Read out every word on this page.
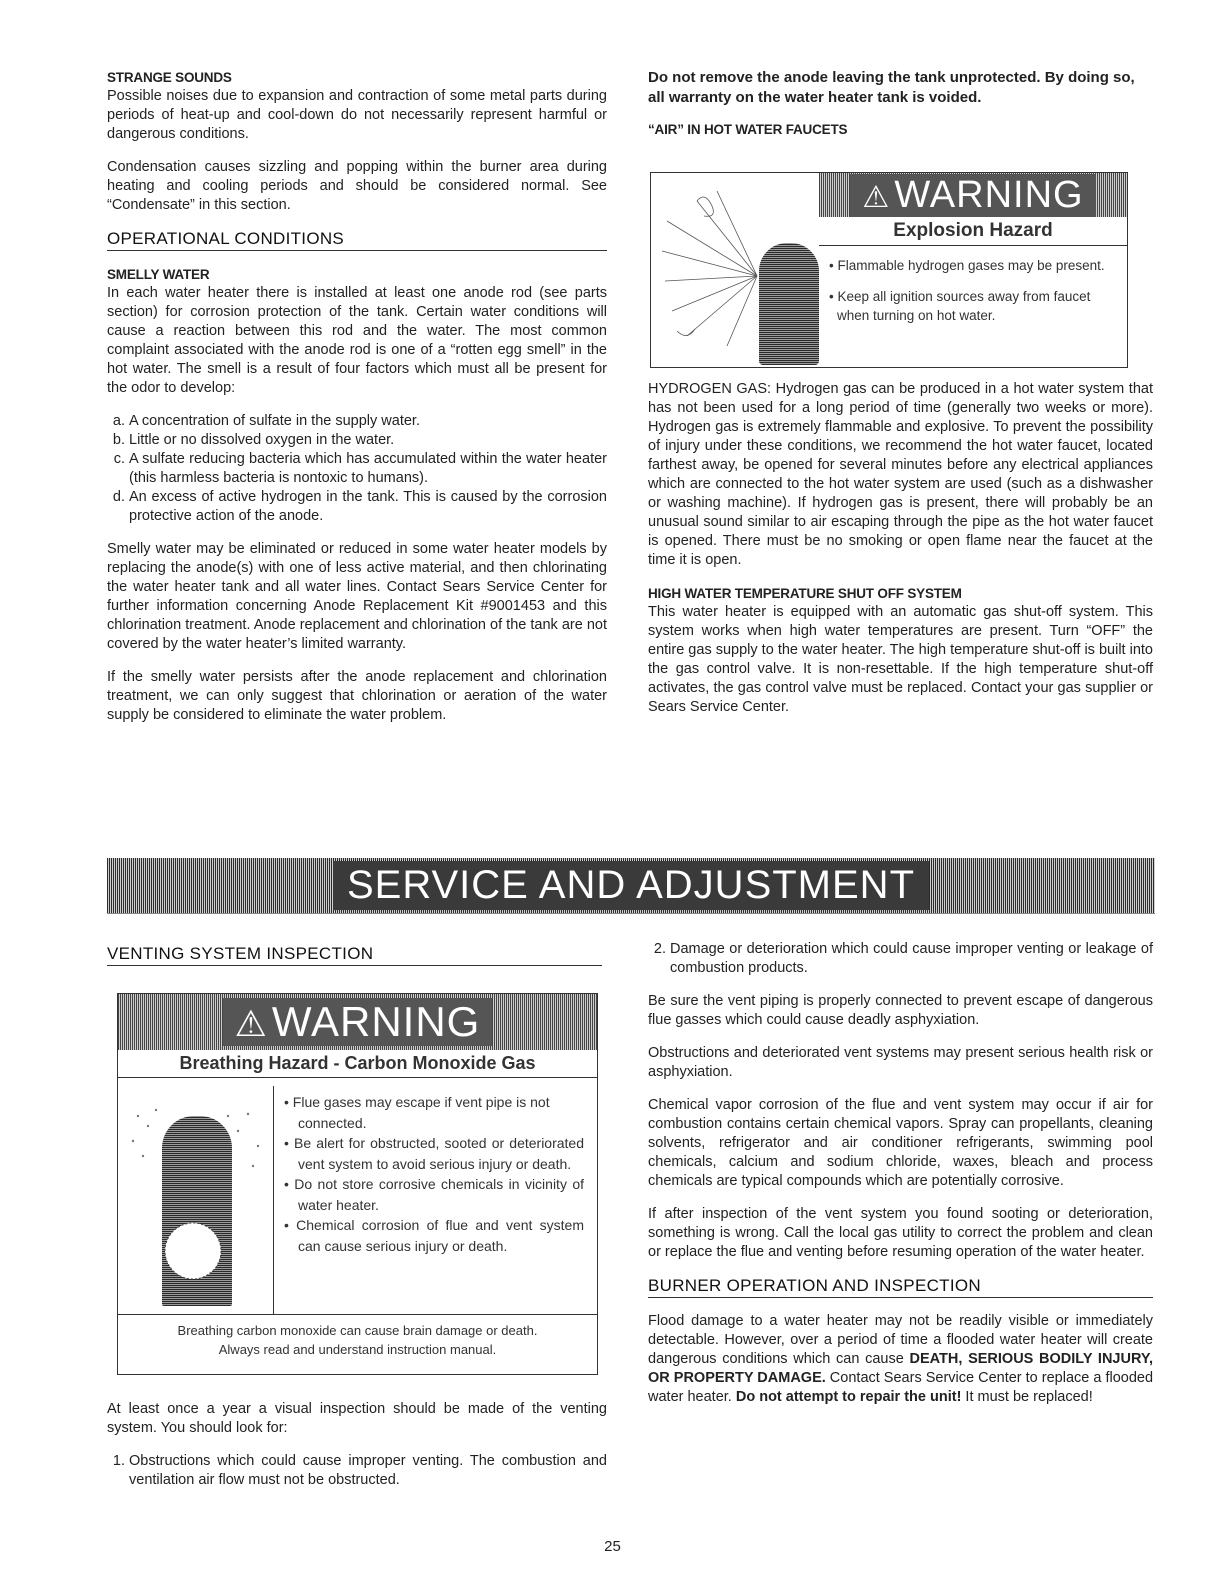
STRANGE SOUNDS

Possible noises due to expansion and contraction of some metal parts during periods of heat-up and cool-down do not necessarily represent harmful or dangerous conditions.

Condensation causes sizzling and popping within the burner area during heating and cooling periods and should be considered normal. See “Condensate” in this section.

OPERATIONAL CONDITIONS
SMELLY WATER

In each water heater there is installed at least one anode rod (see parts section) for corrosion protection of the tank. Certain water conditions will cause a reaction between this rod and the water. The most common complaint associated with the anode rod is one of a “rotten egg smell” in the hot water. The smell is a result of four factors which must all be present for the odor to develop:

a. A concentration of sulfate in the supply water.
b. Little or no dissolved oxygen in the water.
c. A sulfate reducing bacteria which has accumulated within the water heater (this harmless bacteria is nontoxic to humans).
d. An excess of active hydrogen in the tank. This is caused by the corrosion protective action of the anode.

Smelly water may be eliminated or reduced in some water heater models by replacing the anode(s) with one of less active material, and then chlorinating the water heater tank and all water lines. Contact Sears Service Center for further information concerning Anode Replacement Kit #9001453 and this chlorination treatment. Anode replacement and chlorination of the tank are not covered by the water heater’s limited warranty.

If the smelly water persists after the anode replacement and chlorination treatment, we can only suggest that chlorination or aeration of the water supply be considered to eliminate the water problem.

Do not remove the anode leaving the tank unprotected. By doing so, all warranty on the water heater tank is voided.

“AIR” IN HOT WATER FAUCETS
⚠ WARNING
Explosion Hazard
• Flammable hydrogen gases may be present.
• Keep all ignition sources away from faucet when turning on hot water.

HYDROGEN GAS: Hydrogen gas can be produced in a hot water system that has not been used for a long period of time (generally two weeks or more). Hydrogen gas is extremely flammable and explosive. To prevent the possibility of injury under these conditions, we recommend the hot water faucet, located farthest away, be opened for several minutes before any electrical appliances which are connected to the hot water system are used (such as a dishwasher or washing machine). If hydrogen gas is present, there will probably be an unusual sound similar to air escaping through the pipe as the hot water faucet is opened. There must be no smoking or open flame near the faucet at the time it is open.

HIGH WATER TEMPERATURE SHUT OFF SYSTEM

This water heater is equipped with an automatic gas shut-off system. This system works when high water temperatures are present. Turn “OFF” the entire gas supply to the water heater. The high temperature shut-off is built into the gas control valve. It is non-resettable. If the high temperature shut-off activates, the gas control valve must be replaced. Contact your gas supplier or Sears Service Center.

SERVICE AND ADJUSTMENT
VENTING SYSTEM INSPECTION
⚠WARNING
Breathing Hazard - Carbon Monoxide Gas
• Flue gases may escape if vent pipe is not connected.
• Be alert for obstructed, sooted or deteriorated vent system to avoid serious injury or death.
• Do not store corrosive chemicals in vicinity of water heater.
• Chemical corrosion of flue and vent system can cause serious injury or death.
Breathing carbon monoxide can cause brain damage or death.
Always read and understand instruction manual.

At least once a year a visual inspection should be made of the venting system. You should look for:

1. Obstructions which could cause improper venting. The combustion and ventilation air flow must not be obstructed.
2. Damage or deterioration which could cause improper venting or leakage of combustion products.

Be sure the vent piping is properly connected to prevent escape of dangerous flue gasses which could cause deadly asphyxiation.

Obstructions and deteriorated vent systems may present serious health risk or asphyxiation.

Chemical vapor corrosion of the flue and vent system may occur if air for combustion contains certain chemical vapors. Spray can propellants, cleaning solvents, refrigerator and air conditioner refrigerants, swimming pool chemicals, calcium and sodium chloride, waxes, bleach and process chemicals are typical compounds which are potentially corrosive.

If after inspection of the vent system you found sooting or deterioration, something is wrong. Call the local gas utility to correct the problem and clean or replace the flue and venting before resuming operation of the water heater.

BURNER OPERATION AND INSPECTION

Flood damage to a water heater may not be readily visible or immediately detectable. However, over a period of time a flooded water heater will create dangerous conditions which can cause DEATH, SERIOUS BODILY INJURY, OR PROPERTY DAMAGE. Contact Sears Service Center to replace a flooded water heater. Do not attempt to repair the unit! It must be replaced!

25
